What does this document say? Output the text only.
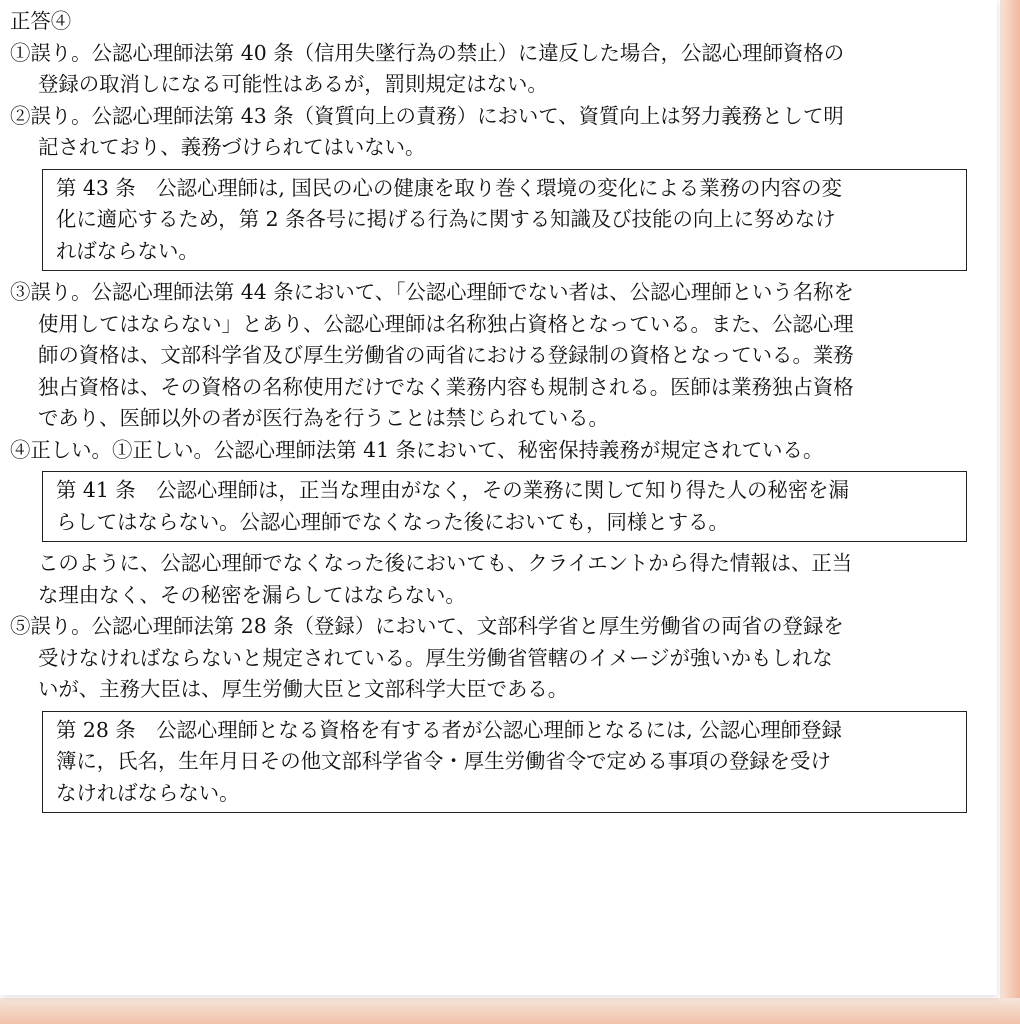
正答④
①誤り。公認心理師法第 40 条（信用失墜行為の禁止）に違反した場合，公認心理師資格の
登録の取消しになる可能性はあるが，罰則規定はない。
②誤り。公認心理師法第 43 条（資質向上の責務）において、資質向上は努力義務として明
記されており、義務づけられてはいない。
第 43 条　公認心理師は, 国民の心の健康を取り巻く環境の変化による業務の内容の変
化に適応するため，第 2 条各号に掲げる行為に関する知識及び技能の向上に努めなけ
ればならない。
③誤り。公認心理師法第 44 条において、「公認心理師でない者は、公認心理師という名称を
使用してはならない」とあり、公認心理師は名称独占資格となっている。また、公認心理
師の資格は、文部科学省及び厚生労働省の両省における登録制の資格となっている。業務
独占資格は、その資格の名称使用だけでなく業務内容も規制される。医師は業務独占資格
であり、医師以外の者が医行為を行うことは禁じられている。
④正しい。①正しい。公認心理師法第 41 条において、秘密保持義務が規定されている。
第 41 条　公認心理師は，正当な理由がなく，その業務に関して知り得た人の秘密を漏
らしてはならない。公認心理師でなくなった後においても，同様とする。
このように、公認心理師でなくなった後においても、クライエントから得た情報は、正当
な理由なく、その秘密を漏らしてはならない。
⑤誤り。公認心理師法第 28 条（登録）において、文部科学省と厚生労働省の両省の登録を
受けなければならないと規定されている。厚生労働省管轄のイメージが強いかもしれな
いが、主務大臣は、厚生労働大臣と文部科学大臣である。
第 28 条　公認心理師となる資格を有する者が公認心理師となるには, 公認心理師登録
簿に，氏名，生年月日その他文部科学省令・厚生労働省令で定める事項の登録を受け
なければならない。
